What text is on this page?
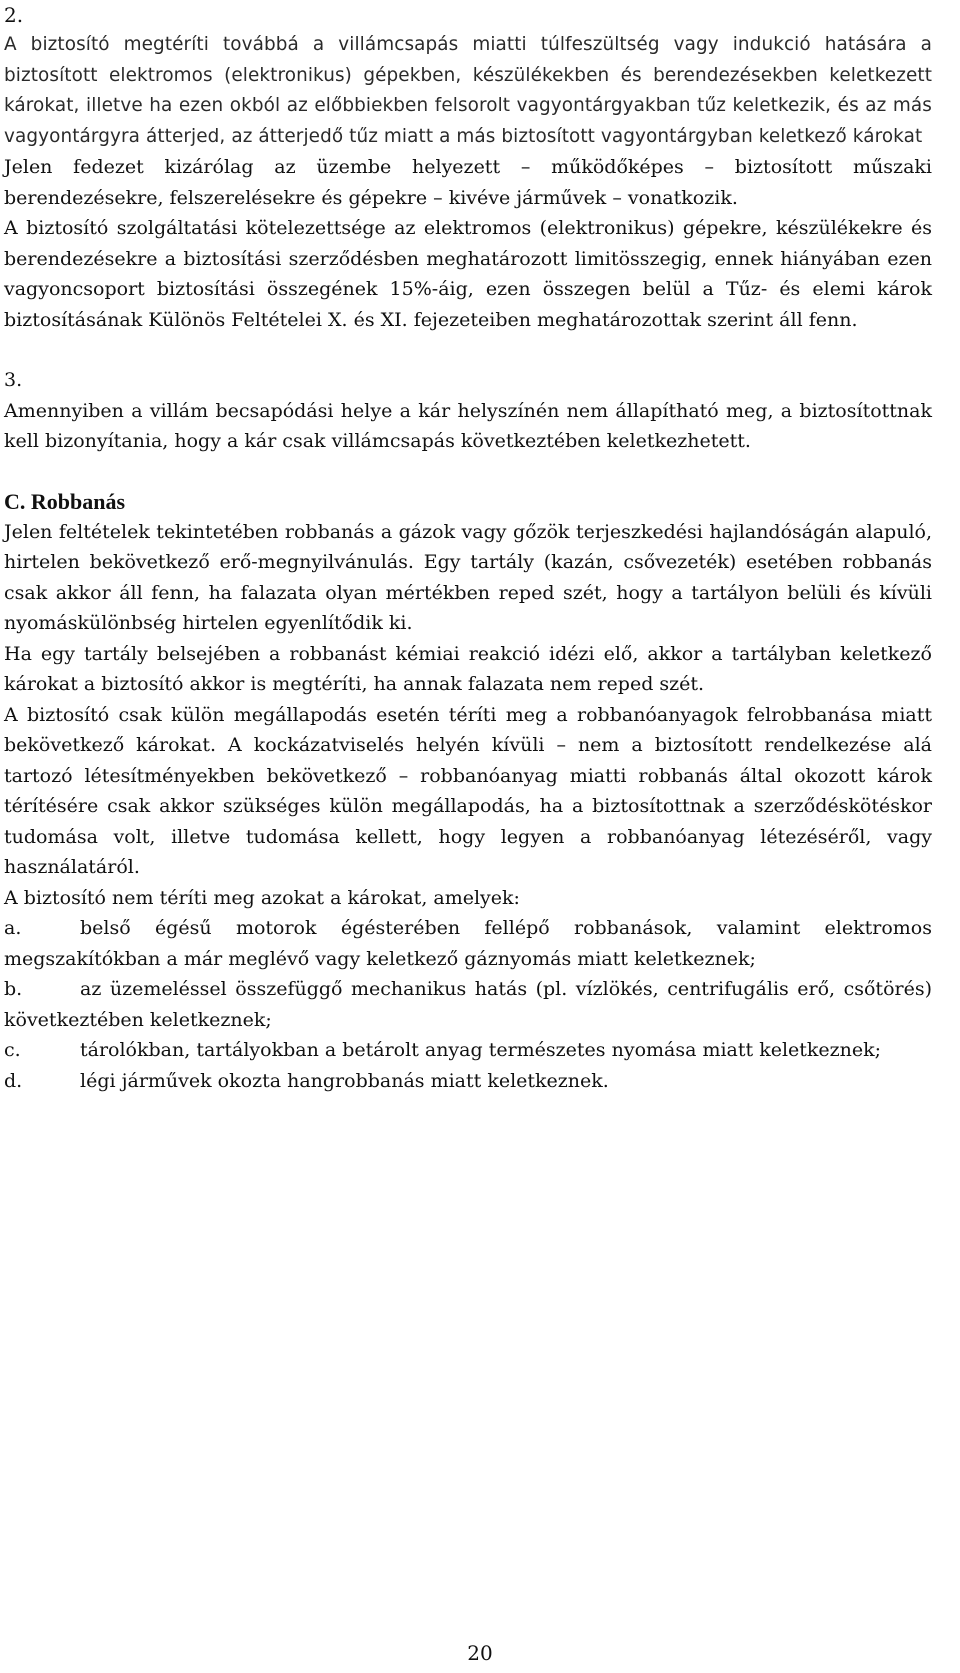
2.

A biztosító megtéríti továbbá a villámcsapás miatti túlfeszültség vagy indukció hatására a biztosított elektromos (elektronikus) gépekben, készülékekben és berendezésekben keletkezett károkat, illetve ha ezen okból az előbbiekben felsorolt vagyontárgyakban tűz keletkezik, és az más vagyontárgyra átterjed, az átterjedő tűz miatt a más biztosított vagyontárgyban keletkező károkat

Jelen fedezet kizárólag az üzembe helyezett – működőképes – biztosított műszaki berendezésekre, felszerelésekre és gépekre – kivéve járművek – vonatkozik.

A biztosító szolgáltatási kötelezettsége az elektromos (elektronikus) gépekre, készülékekre és berendezésekre a biztosítási szerződésben meghatározott limitösszegig, ennek hiányában ezen vagyoncsoport biztosítási összegének 15%-áig, ezen összegen belül a Tűz- és elemi károk biztosításának Különös Feltételei X. és XI. fejezeteiben meghatározottak szerint áll fenn.

3.

Amennyiben a villám becsapódási helye a kár helyszínén nem állapítható meg, a biztosítottnak kell bizonyítania, hogy a kár csak villámcsapás következtében keletkezhetett.

C. Robbanás

Jelen feltételek tekintetében robbanás a gázok vagy gőzök terjeszkedési hajlandóságán alapuló, hirtelen bekövetkező erő-megnyilvánulás. Egy tartály (kazán, csővezeték) esetében robbanás csak akkor áll fenn, ha falazata olyan mértékben reped szét, hogy a tartályon belüli és kívüli nyomáskülönbség hirtelen egyenlítődik ki.

Ha egy tartály belsejében a robbanást kémiai reakció idézi elő, akkor a tartályban keletkező károkat a biztosító akkor is megtéríti, ha annak falazata nem reped szét.

A biztosító csak külön megállapodás esetén téríti meg a robbanóanyagok felrobbanása miatt bekövetkező károkat. A kockázatviselés helyén kívüli – nem a biztosított rendelkezése alá tartozó létesítményekben bekövetkező – robbanóanyag miatti robbanás által okozott károk térítésére csak akkor szükséges külön megállapodás, ha a biztosítottnak a szerződéskötéskor tudomása volt, illetve tudomása kellett, hogy legyen a robbanóanyag létezéséről, vagy használatáról.

A biztosító nem téríti meg azokat a károkat, amelyek:

a.	belső égésű motorok égésterében fellépő robbanások, valamint elektromos megszakítókban a már meglévő vagy keletkező gáznyomás miatt keletkeznek;

b.	az üzemeléssel összefüggő mechanikus hatás (pl. vízlökés, centrifugális erő, csőtörés) következtében keletkeznek;

c.	tárolókban, tartályokban a betárolt anyag természetes nyomása miatt keletkeznek;

d.	légi járművek okozta hangrobbanás miatt keletkeznek.

20
